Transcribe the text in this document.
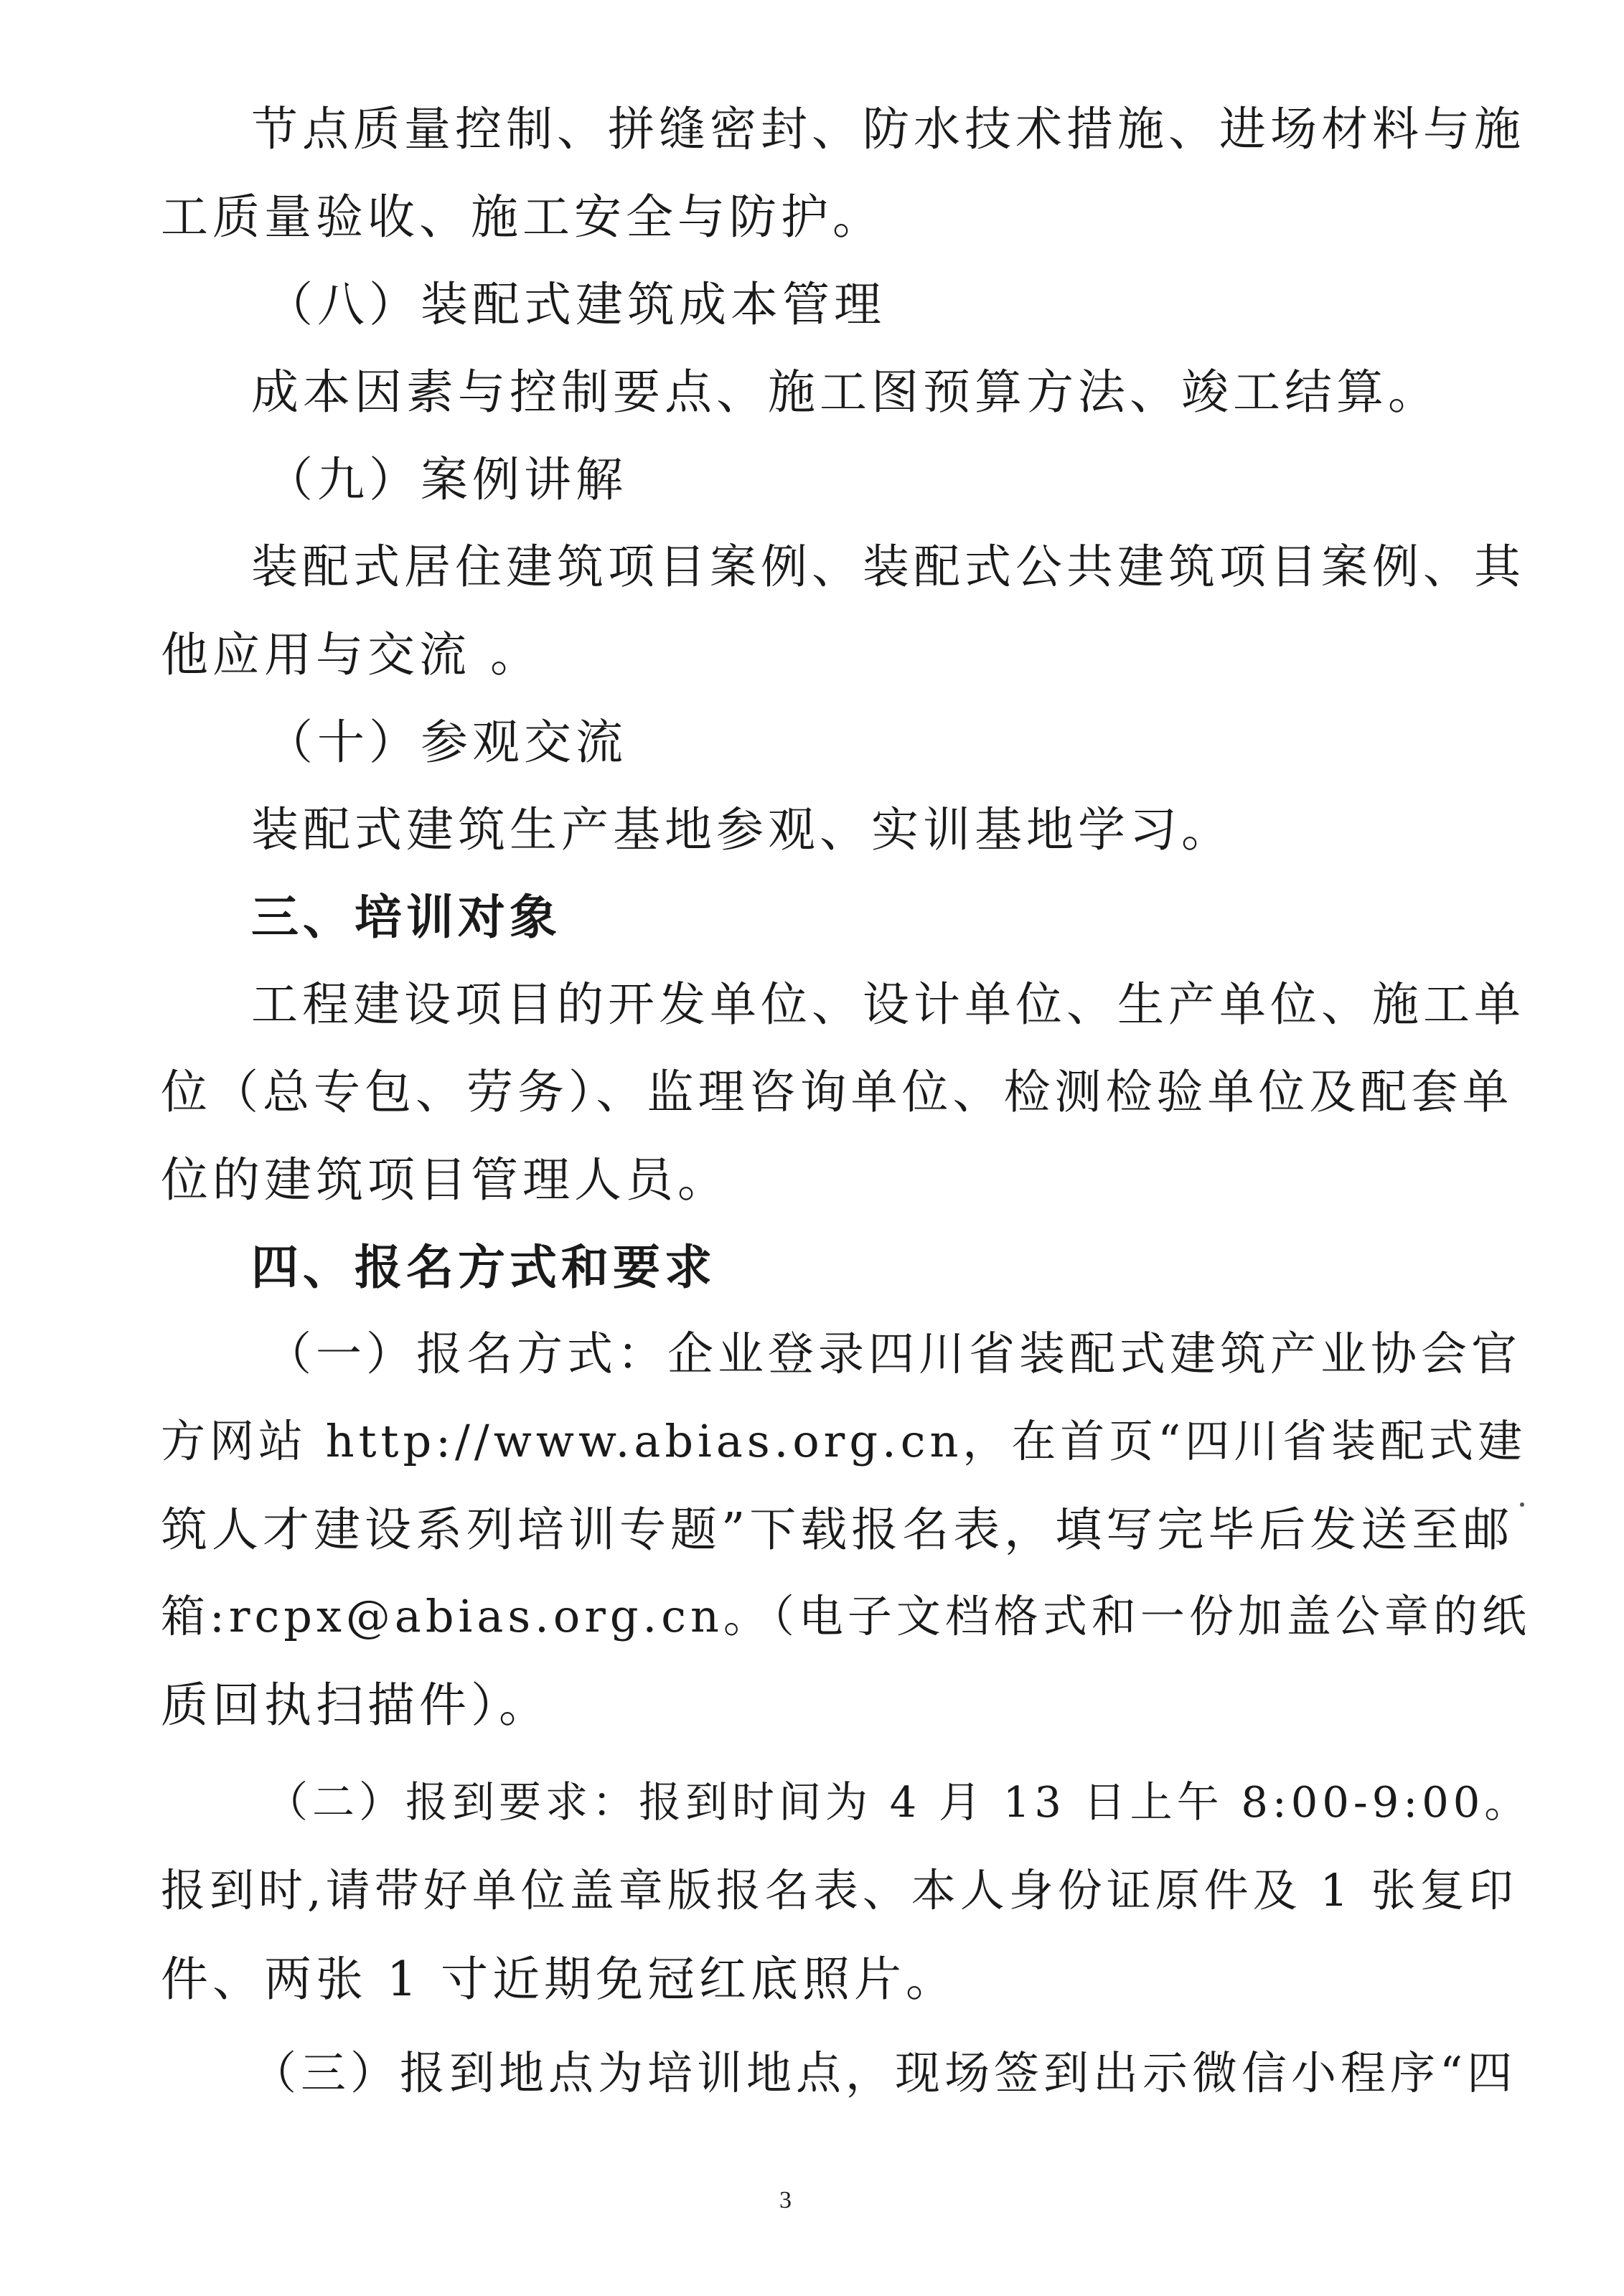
节点质量控制、拼缝密封、防水技术措施、进场材料与施
工质量验收、施工安全与防护。
（八）装配式建筑成本管理
成本因素与控制要点、施工图预算方法、竣工结算。
（九）案例讲解
装配式居住建筑项目案例、装配式公共建筑项目案例、其
他应用与交流 。
（十）参观交流
装配式建筑生产基地参观、实训基地学习。
三、培训对象
工程建设项目的开发单位、设计单位、生产单位、施工单
位（总专包、劳务）、监理咨询单位、检测检验单位及配套单
位的建筑项目管理人员。
四、报名方式和要求
（一）报名方式：企业登录四川省装配式建筑产业协会官
方网站 http://www.abias.org.cn，在首页“四川省装配式建
筑人才建设系列培训专题”下载报名表，填写完毕后发送至邮
箱:rcpx@abias.org.cn。（电子文档格式和一份加盖公章的纸
质回执扫描件）。
（二）报到要求：报到时间为 4 月 13 日上午 8:00-9:00。
报到时,请带好单位盖章版报名表、本人身份证原件及 1 张复印
件、两张 1 寸近期免冠红底照片。
（三）报到地点为培训地点，现场签到出示微信小程序“四
3
